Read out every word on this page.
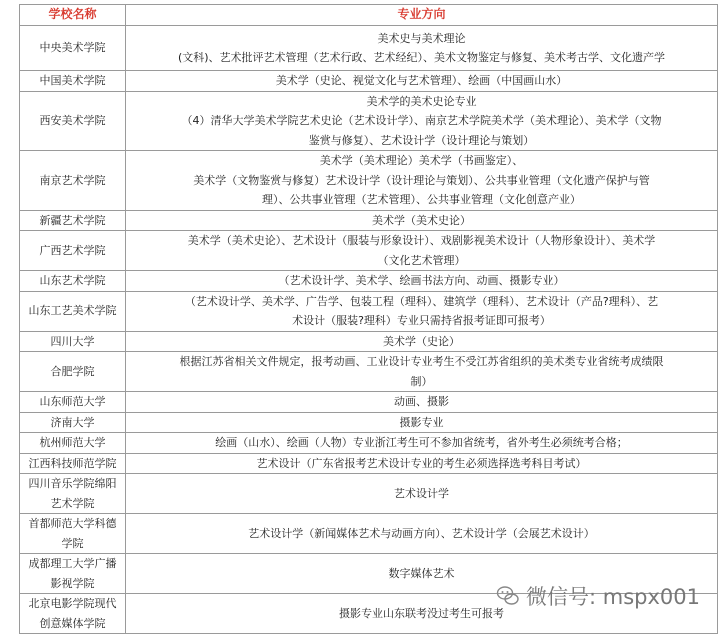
学校名称	专业方向

中央美术学院	美术史与美术理论
(文科)、艺术批评艺术管理（艺术行政、艺术经纪）、美术文物鉴定与修复、美术考古学、文化遗产学

中国美术学院	美术学（史论、视觉文化与艺术管理）、绘画（中国画山水）

西安美术学院	美术学的美术史论专业
（4）清华大学美术学院艺术史论（艺术设计学）、南京艺术学院美术学（美术理论）、美术学（文物
鉴赏与修复）、艺术设计学（设计理论与策划）

南京艺术学院	美术学（美术理论）美术学（书画鉴定）、
美术学（文物鉴赏与修复）艺术设计学（设计理论与策划）、公共事业管理（文化遗产保护与管
理）、公共事业管理（艺术管理）、公共事业管理（文化创意产业）

新疆艺术学院	美术学（美术史论）

广西艺术学院	美术学（美术史论）、艺术设计（服装与形象设计）、戏剧影视美术设计（人物形象设计）、美术学
（文化艺术管理）

山东艺术学院	（艺术设计学、美术学、绘画书法方向、动画、摄影专业）

山东工艺美术学院	（艺术设计学、美术学、广告学、包装工程（理科）、建筑学（理科）、艺术设计（产品?理科）、艺
术设计（服装?理科）专业只需持省报考证即可报考）

四川大学	美术学（史论）

合肥学院	根据江苏省相关文件规定，报考动画、工业设计专业考生不受江苏省组织的美术类专业省统考成绩限
制）

山东师范大学	动画、摄影

济南大学	摄影专业

杭州师范大学	绘画（山水）、绘画（人物）专业浙江考生可不参加省统考，省外考生必须统考合格；

江西科技师范学院	艺术设计（广东省报考艺术设计专业的考生必须选择选考科目考试）

四川音乐学院绵阳
艺术学院	艺术设计学

首都师范大学科德
学院	艺术设计学（新闻媒体艺术与动画方向）、艺术设计学（会展艺术设计）

成都理工大学广播
影视学院	数字媒体艺术

北京电影学院现代
创意媒体学院	摄影专业山东联考没过考生可报考
微信号: mspx001
